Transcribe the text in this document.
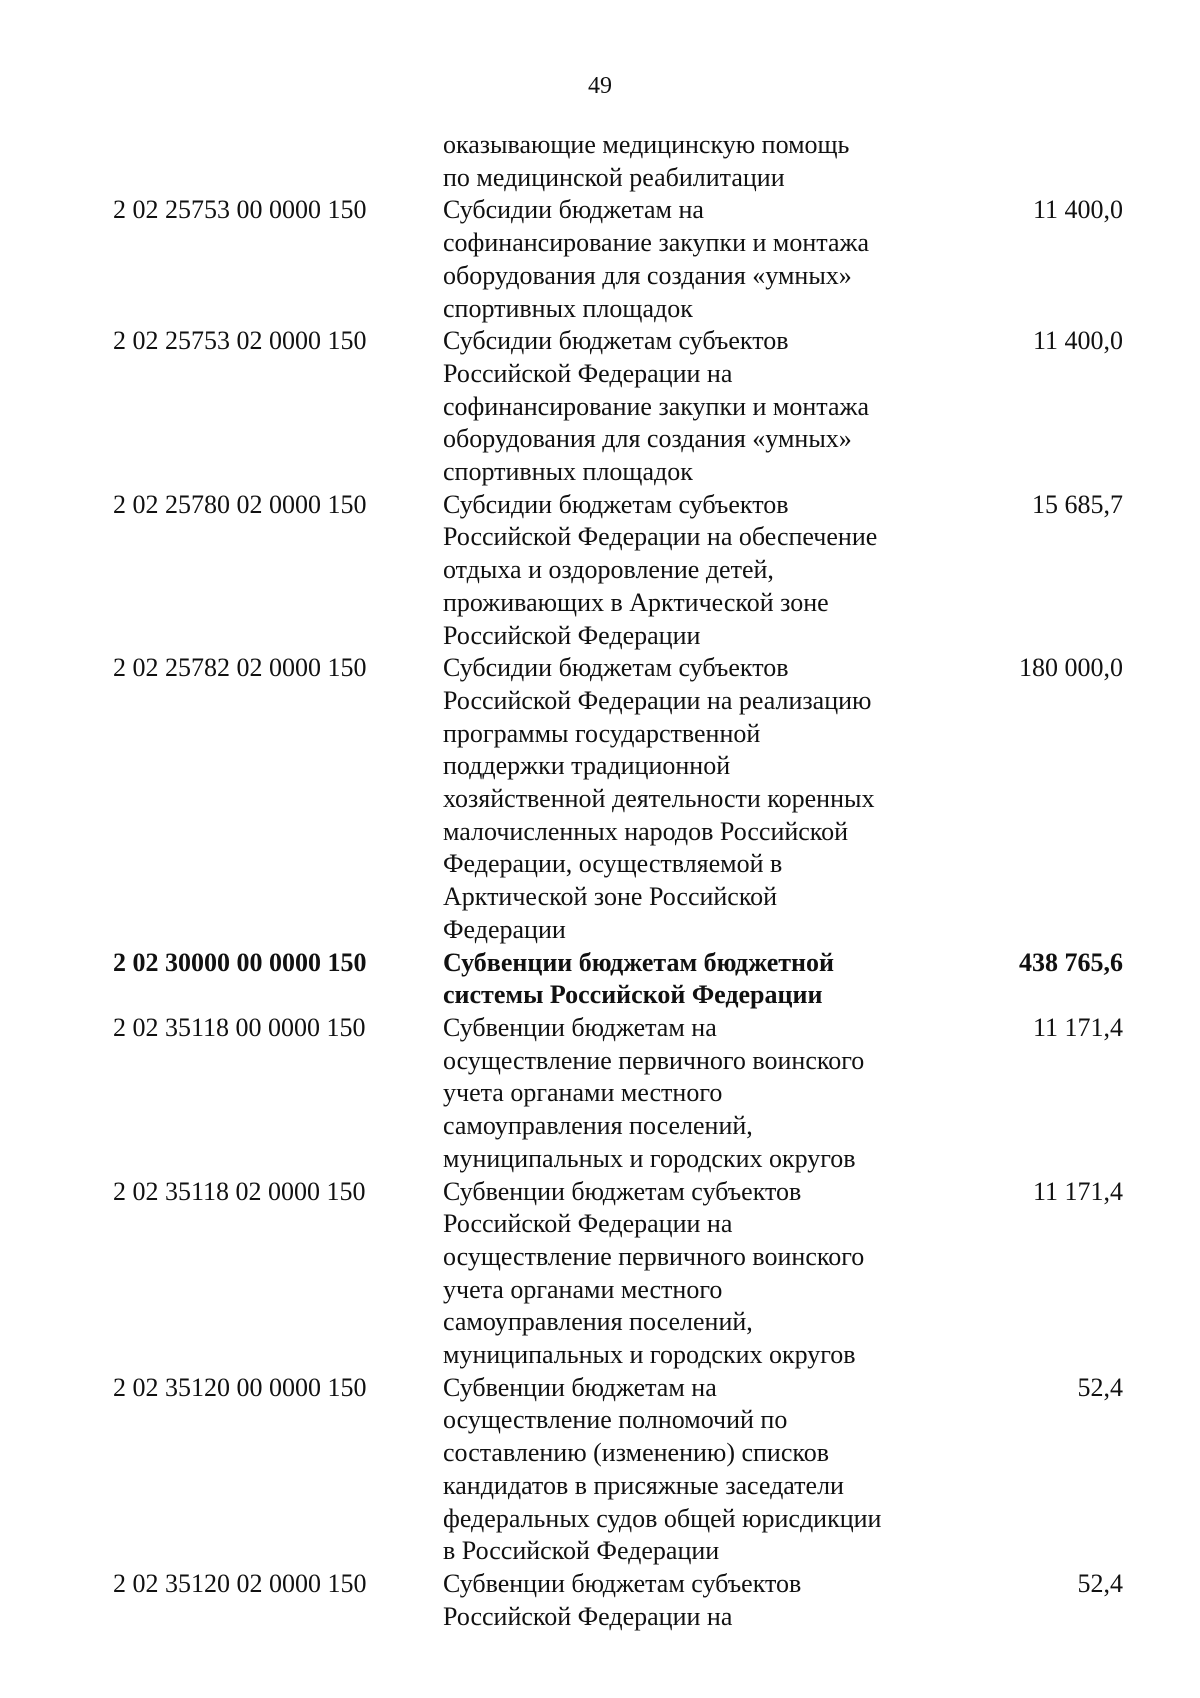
49
оказывающие медицинскую помощь
по медицинской реабилитации
2 02 25753 00 0000 150	Субсидии бюджетам на
софинансирование закупки и монтажа
оборудования для создания «умных»
спортивных площадок
11 400,0
2 02 25753 02 0000 150	Субсидии бюджетам субъектов
Российской Федерации на
софинансирование закупки и монтажа
оборудования для создания «умных»
спортивных площадок
11 400,0
2 02 25780 02 0000 150	Субсидии бюджетам субъектов
Российской Федерации на обеспечение
отдыха и оздоровление детей,
проживающих в Арктической зоне
Российской Федерации
15 685,7
2 02 25782 02 0000 150	Субсидии бюджетам субъектов
Российской Федерации на реализацию
программы государственной
поддержки традиционной
хозяйственной деятельности коренных
малочисленных народов Российской
Федерации, осуществляемой в
Арктической зоне Российской
Федерации
180 000,0
2 02 30000 00 0000 150	Субвенции бюджетам бюджетной
системы Российской Федерации
438 765,6
2 02 35118 00 0000 150	Субвенции бюджетам на
осуществление первичного воинского
учета органами местного
самоуправления поселений,
муниципальных и городских округов
11 171,4
2 02 35118 02 0000 150	Субвенции бюджетам субъектов
Российской Федерации на
осуществление первичного воинского
учета органами местного
самоуправления поселений,
муниципальных и городских округов
11 171,4
2 02 35120 00 0000 150	Субвенции бюджетам на
осуществление полномочий по
составлению (изменению) списков
кандидатов в присяжные заседатели
федеральных судов общей юрисдикции
в Российской Федерации
52,4
2 02 35120 02 0000 150	Субвенции бюджетам субъектов
Российской Федерации на
52,4
